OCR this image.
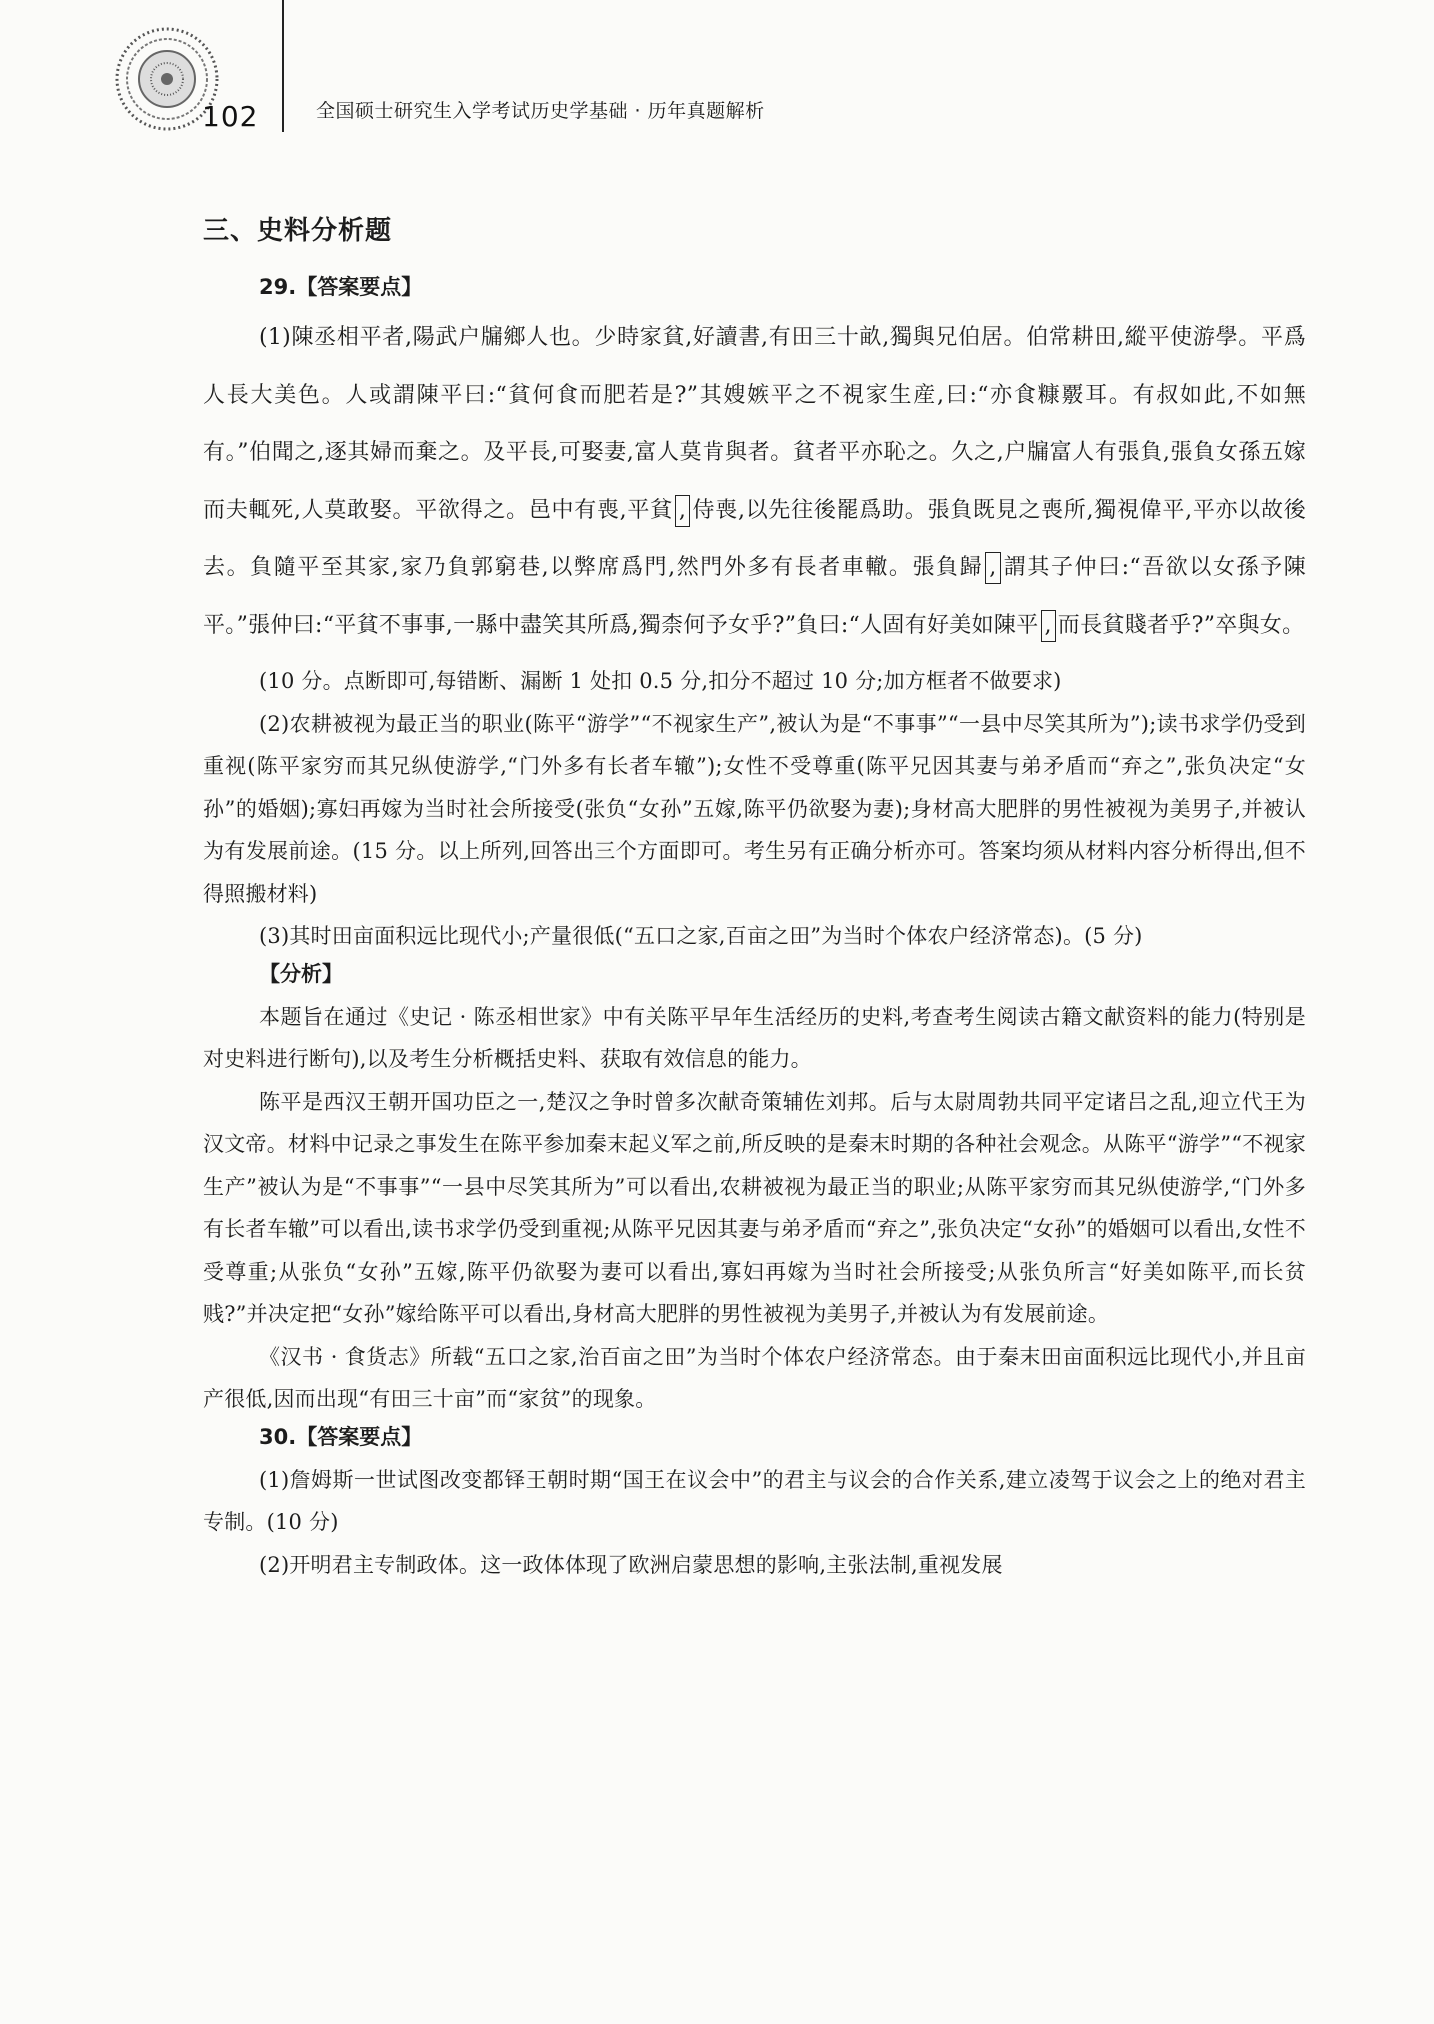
102	全国硕士研究生入学考试历史学基础 · 历年真题解析
三、史料分析题
29.【答案要点】

(1)陳丞相平者,陽武户牖鄉人也。少時家貧,好讀書,有田三十畝,獨與兄伯居。伯常耕田,縱平使游學。平爲人長大美色。人或謂陳平曰:“貧何食而肥若是?”其嫂嫉平之不視家生産,曰:“亦食糠覈耳。有叔如此,不如無有。”伯聞之,逐其婦而棄之。及平長,可娶妻,富人莫肯與者。貧者平亦恥之。久之,户牖富人有張負,張負女孫五嫁而夫輒死,人莫敢娶。平欲得之。邑中有喪,平貧 , 侍喪,以先往後罷爲助。張負既見之喪所,獨視偉平,平亦以故後去。負隨平至其家,家乃負郭窮巷,以弊席爲門,然門外多有長者車轍。張負歸 , 謂其子仲曰:“吾欲以女孫予陳平。”張仲曰:“平貧不事事,一縣中盡笑其所爲,獨柰何予女乎?”負曰:“人固有好美如陳平 , 而長貧賤者乎?”卒與女。

(10 分。点断即可,每错断、漏断 1 处扣 0.5 分,扣分不超过 10 分;加方框者不做要求)

(2)农耕被视为最正当的职业(陈平“游学”“不视家生产”,被认为是“不事事”“一县中尽笑其所为”);读书求学仍受到重视(陈平家穷而其兄纵使游学,“门外多有长者车辙”);女性不受尊重(陈平兄因其妻与弟矛盾而“弃之”,张负决定“女孙”的婚姻);寡妇再嫁为当时社会所接受(张负“女孙”五嫁,陈平仍欲娶为妻);身材高大肥胖的男性被视为美男子,并被认为有发展前途。(15 分。以上所列,回答出三个方面即可。考生另有正确分析亦可。答案均须从材料内容分析得出,但不得照搬材料)

(3)其时田亩面积远比现代小;产量很低(“五口之家,百亩之田”为当时个体农户经济常态)。(5 分)

【分析】

本题旨在通过《史记 · 陈丞相世家》中有关陈平早年生活经历的史料,考查考生阅读古籍文献资料的能力(特别是对史料进行断句),以及考生分析概括史料、获取有效信息的能力。

陈平是西汉王朝开国功臣之一,楚汉之争时曾多次献奇策辅佐刘邦。后与太尉周勃共同平定诸吕之乱,迎立代王为汉文帝。材料中记录之事发生在陈平参加秦末起义军之前,所反映的是秦末时期的各种社会观念。从陈平“游学”“不视家生产”被认为是“不事事”“一县中尽笑其所为”可以看出,农耕被视为最正当的职业;从陈平家穷而其兄纵使游学,“门外多有长者车辙”可以看出,读书求学仍受到重视;从陈平兄因其妻与弟矛盾而“弃之”,张负决定“女孙”的婚姻可以看出,女性不受尊重;从张负“女孙”五嫁,陈平仍欲娶为妻可以看出,寡妇再嫁为当时社会所接受;从张负所言“好美如陈平,而长贫贱?”并决定把“女孙”嫁给陈平可以看出,身材高大肥胖的男性被视为美男子,并被认为有发展前途。

《汉书 · 食货志》所载“五口之家,治百亩之田”为当时个体农户经济常态。由于秦末田亩面积远比现代小,并且亩产很低,因而出现“有田三十亩”而“家贫”的现象。

30.【答案要点】

(1)詹姆斯一世试图改变都铎王朝时期“国王在议会中”的君主与议会的合作关系,建立凌驾于议会之上的绝对君主专制。(10 分)

(2)开明君主专制政体。这一政体体现了欧洲启蒙思想的影响,主张法制,重视发展
